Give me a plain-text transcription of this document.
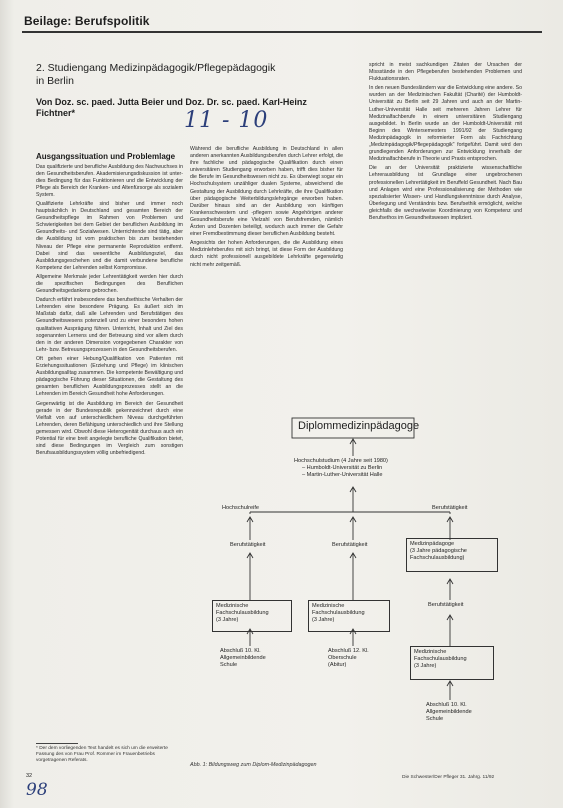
Beilage: Berufspolitik
2. Studiengang Medizinpädagogik/Pflegepädagogik
in Berlin
Von Doz. sc. paed. Jutta Beier und Doz. Dr. sc. paed. Karl-Heinz Fichtner*	11 - 10
Ausgangssituation und Problemlage

Das qualifizierte und berufliche Ausbildung des Nachwuchses in den Gesundheitsberufen. Akademisierungsdiskussion ist unter- dies Bedingung für das Funktionieren und die Entwicklung der Pflege als Bereich der Kranken- und Altenfürsorge als sozialem System.

Qualifizierte Lehrkräfte sind bisher und immer noch hauptsächlich in Deutschland und gesamten Bereich der Gesundheitspflege im Rahmen von Problemen und Schwierigkeiten bei dem Gebiet der beruflichen Ausbildung im Gesundheits- und Sozialwesen. Unterrichtende sind tätig, aber die Ausbildung ist vom praktischen bis zum bestehenden Niveau der Pflege eine permanente Reproduktion entfernt. Dabei sind das wesentliche Ausbildungsziel, das Ausbildungsgeschehen und die damit verbundene berufliche Kompetenz der Lehrenden selbst Kompromisse.

Allgemeine Merkmale jeder Lehrentätigkeit werden hier durch die spezifischen Bedingungen des Beruflichen Gesundheitsgedankens gebrochen.

Dadurch erfährt insbesondere das berufsethische Verhalten der Lehrenden eine besondere Prägung. Es äußert sich im Maßstab dafür, daß alle Lehrenden und Berufstätigen des Gesundheitswesens potenziell und zu einer besonders hohen qualitativen Ausprägung führen. Unterricht, Inhalt und Ziel des sogenannten Lernens und der Betreuung sind vor allem durch den in der anderen Dimension vorgegebenen Charakter von Lehr- bzw. Betreuungsprozessen in den Gesundheitsberufen.

Oft gehen einer Hebung/Qualifikation von Patienten mit Erziehungssituationen (Erziehung und Pflege) im klinischen Ausbildungsalltag zusammen. Die kompetente Bewältigung und pädagogische Führung dieser Situationen, die Gestaltung des gesamten beruflichen Ausbildungsprozesses stellt an die Lehrenden im Bereich Gesundheit hohe Anforderungen.

Gegenwärtig ist die Ausbildung im Bereich der Gesundheit gerade in der Bundesrepublik gekennzeichnet durch eine Vielfalt von auf unterschiedlichem Niveau durchgeführten Lehrenden, deren Befähigung unterschiedlich und ihre Stellung gemessen wird. Obwohl diese Heterogenität durchaus auch ein Potential für eine breit angelegte berufliche Qualifikation bietet, sind diese Bedingungen im Vergleich zum sonstigen Berufsausbildungssystem völlig unbefriedigend.

Während die berufliche Ausbildung in Deutschland in allen anderen anerkannten Ausbildungsberufen durch Lehrer erfolgt, die ihre fachliche und pädagogische Qualifikation durch einen universitären Studiengang erworben haben, trifft dies bisher für die Berufe im Gesundheitswesen nicht zu. Es überwiegt sogar ein Hochschulsystem unzähliger dualen Systeme, abweichend die Gestaltung der Ausbildung durch Lehrkräfte, die ihre Qualifikation über pädagogische Weiterbildungslehrgänge erworben haben. Darüber hinaus sind an der Ausbildung von künftigen Krankenschwestern und -pflegern sowie Angehörigen anderer Gesundheitsberufe eine Vielzahl von Berufsfremden, nämlich Ärzten und Dozenten beteiligt, wodurch auch immer die Gefahr einer Fremdbestimmung dieser beruflichen Ausbildung besteht.

Angesichts der hohen Anforderungen, die die Ausbildung eines Medizinlehrberufes mit sich bringt, ist diese Form der Ausbildung durch nicht professionell ausgebildete Lehrkräfte gegenwärtig nicht mehr zeitgemäß.

spricht in meist sachkundigen Zitaten der Ursachen der Missstände in den Pflegeberufen bestehenden Problemen und Fluktuationsraten.

In den neuen Bundesländern war die Entwicklung eine andere. So wurden an der Medizinischen Fakultät (Charité) der Humboldt-Universität zu Berlin seit 29 Jahren und auch an der Martin-Luther-Universität Halle seit mehreren Jahren Lehrer für Medizinalfachberufe in einem universitären Studiengang ausgebildet. In Berlin wurde an der Humboldt-Universität mit Beginn des Wintersemesters 1991/92 der Studiengang Medizinpädagogik in reformierter Form als Fachrichtung „Medizinpädagogik/Pflegepädagogik" fortgeführt. Damit wird den grundlegenden Anforderungen zur Entwicklung innerhalb der Medizinalfachberufe in Theorie und Praxis entsprochen.

Die an der Universität praktizierte wissenschaftliche Lehrerausbildung ist Grundlage einer ungebrochenen professionellen Lehrertätigkeit im Beruffeld Gesundheit. Nach Bau und Anlagen wird eine Professionalisierung der Methoden wie spezialisierter Wissen- und Handlungskenntnisse durch Analyse, Überlegung und Verständnis bzw. Berufsethik ermöglicht, welche gleichfalls die wechselweise Koordinierung von Kompetenz und Berufsethos im Gesundheitswesen impliziert.

Diplommedizinpädagoge
Hochschulstudium (4 Jahre seit 1980)
– Humboldt-Universität zu Berlin
– Martin-Luther-Universität Halle
Hochschulreife	Berufstätigkeit
Berufstätigkeit	Berufstätigkeit	Medizinpädagoge
(3 Jahre pädagogische Fachschulausbildung)
Berufstätigkeit
Medizinische
Fachschulausbildung
(3 Jahre)
Medizinische
Fachschulausbildung
(3 Jahre)
Medizinische
Fachschulausbildung
(3 Jahre)
Abschluß 10. Kl.
Allgemeinbildende
Schule
Abschluß 12. Kl.
Oberschule
(Abitur)
Abschluß 10. Kl.
Allgemeinbildende
Schule
Abb. 1: Bildungsweg zum Diplom-Medizinpädagogen
* Der dem vorliegenden Text handelt es sich um die erweiterte Fassung des von Frau Prof. Rommer im Frauenbetriebs vorgetragenen Referats.
32
98
Die Schwester/Der Pfleger 31. Jahrg. 11/92
